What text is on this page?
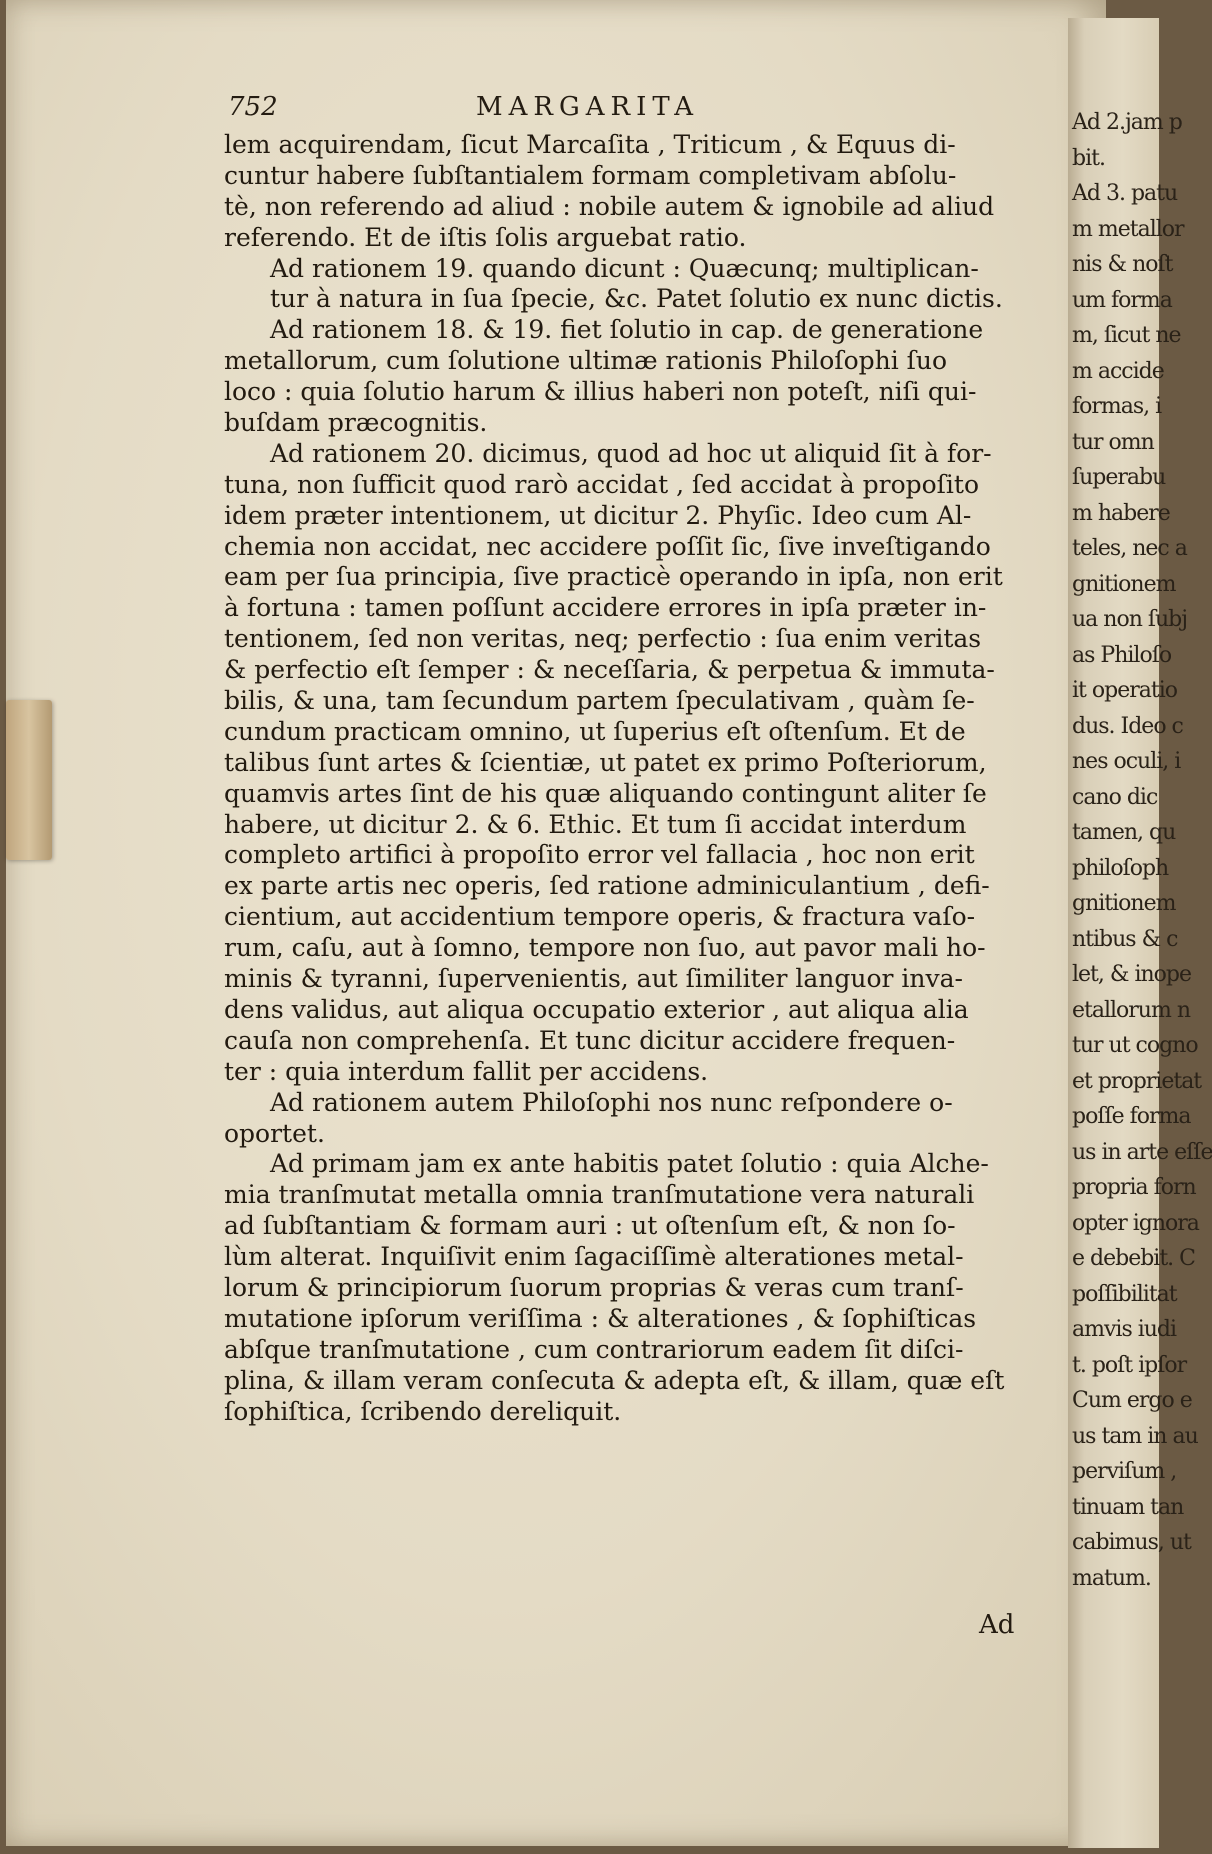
752	MARGARITA
lem acquirendam, ſicut Marcaſita , Triticum , & Equus di-
cuntur habere ſubſtantialem formam completivam abſolu-
tè, non referendo ad aliud : nobile autem & ignobile ad aliud
referendo. Et de iſtis ſolis arguebat ratio.
Ad rationem 19. quando dicunt : Quæcunq; multiplican-
tur à natura in ſua ſpecie, &c. Patet ſolutio ex nunc dictis.
Ad rationem 18. & 19. fiet ſolutio in cap. de generatione
metallorum, cum ſolutione ultimæ rationis Philoſophi ſuo
loco : quia ſolutio harum & illius haberi non poteſt, niſi qui-
buſdam præcognitis.
Ad rationem 20. dicimus, quod ad hoc ut aliquid ſit à for-
tuna, non ſufficit quod rarò accidat , ſed accidat à propoſito
idem præter intentionem, ut dicitur 2. Phyſic. Ideo cum Al-
chemia non accidat, nec accidere poſſit ſic, ſive inveſtigando
eam per ſua principia, ſive practicè operando in ipſa, non erit
à fortuna : tamen poſſunt accidere errores in ipſa præter in-
tentionem, ſed non veritas, neq; perfectio : ſua enim veritas
& perfectio eſt ſemper : & neceſſaria, & perpetua & immuta-
bilis, & una, tam ſecundum partem ſpeculativam , quàm ſe-
cundum practicam omnino, ut ſuperius eſt oſtenſum. Et de
talibus ſunt artes & ſcientiæ, ut patet ex primo Poſteriorum,
quamvis artes ſint de his quæ aliquando contingunt aliter ſe
habere, ut dicitur 2. & 6. Ethic. Et tum ſi accidat interdum
completo artifici à propoſito error vel fallacia , hoc non erit
ex parte artis nec operis, ſed ratione adminiculantium , defi-
cientium, aut accidentium tempore operis, & fractura vaſo-
rum, caſu, aut à ſomno, tempore non ſuo, aut pavor mali ho-
minis & tyranni, ſupervenientis, aut ſimiliter languor inva-
dens validus, aut aliqua occupatio exterior , aut aliqua alia
cauſa non comprehenſa. Et tunc dicitur accidere frequen-
ter : quia interdum fallit per accidens.
Ad rationem autem Philoſophi nos nunc reſpondere o-
oportet.
Ad primam jam ex ante habitis patet ſolutio : quia Alche-
mia tranſmutat metalla omnia tranſmutatione vera naturali
ad ſubſtantiam & formam auri : ut oſtenſum eſt, & non ſo-
lùm alterat. Inquiſivit enim ſagaciſſimè alterationes metal-
lorum & principiorum ſuorum proprias & veras cum tranſ-
mutatione ipſorum veriſſima : & alterationes , & ſophiſticas
abſque tranſmutatione , cum contrariorum eadem ſit diſci-
plina, & illam veram conſecuta & adepta eſt, & illam, quæ eſt
ſophiſtica, ſcribendo dereliquit.
Ad
Ad 2.jam p
bit.
Ad 3. patu
m metallor
nis & noſt
um forma
m, ſicut ne
m accide
formas, i
tur omn
ſuperabu
m habere
teles, nec a
gnitionem
ua non ſubj
as Philoſo
it operatio
dus. Ideo c
nes oculi, i
cano dic
tamen, qu
philoſoph
gnitionem
ntibus & c
let, & inope
etallorum n
tur ut cogno
et proprietat
poſſe forma
us in arte eſſe
propria forn
opter ignora
e debebit. C
poſſibilitat
amvis iudi
t. poſt ipſor
Cum ergo e
us tam in au
perviſum ,
tinuam tan
cabimus, ut
matum.
